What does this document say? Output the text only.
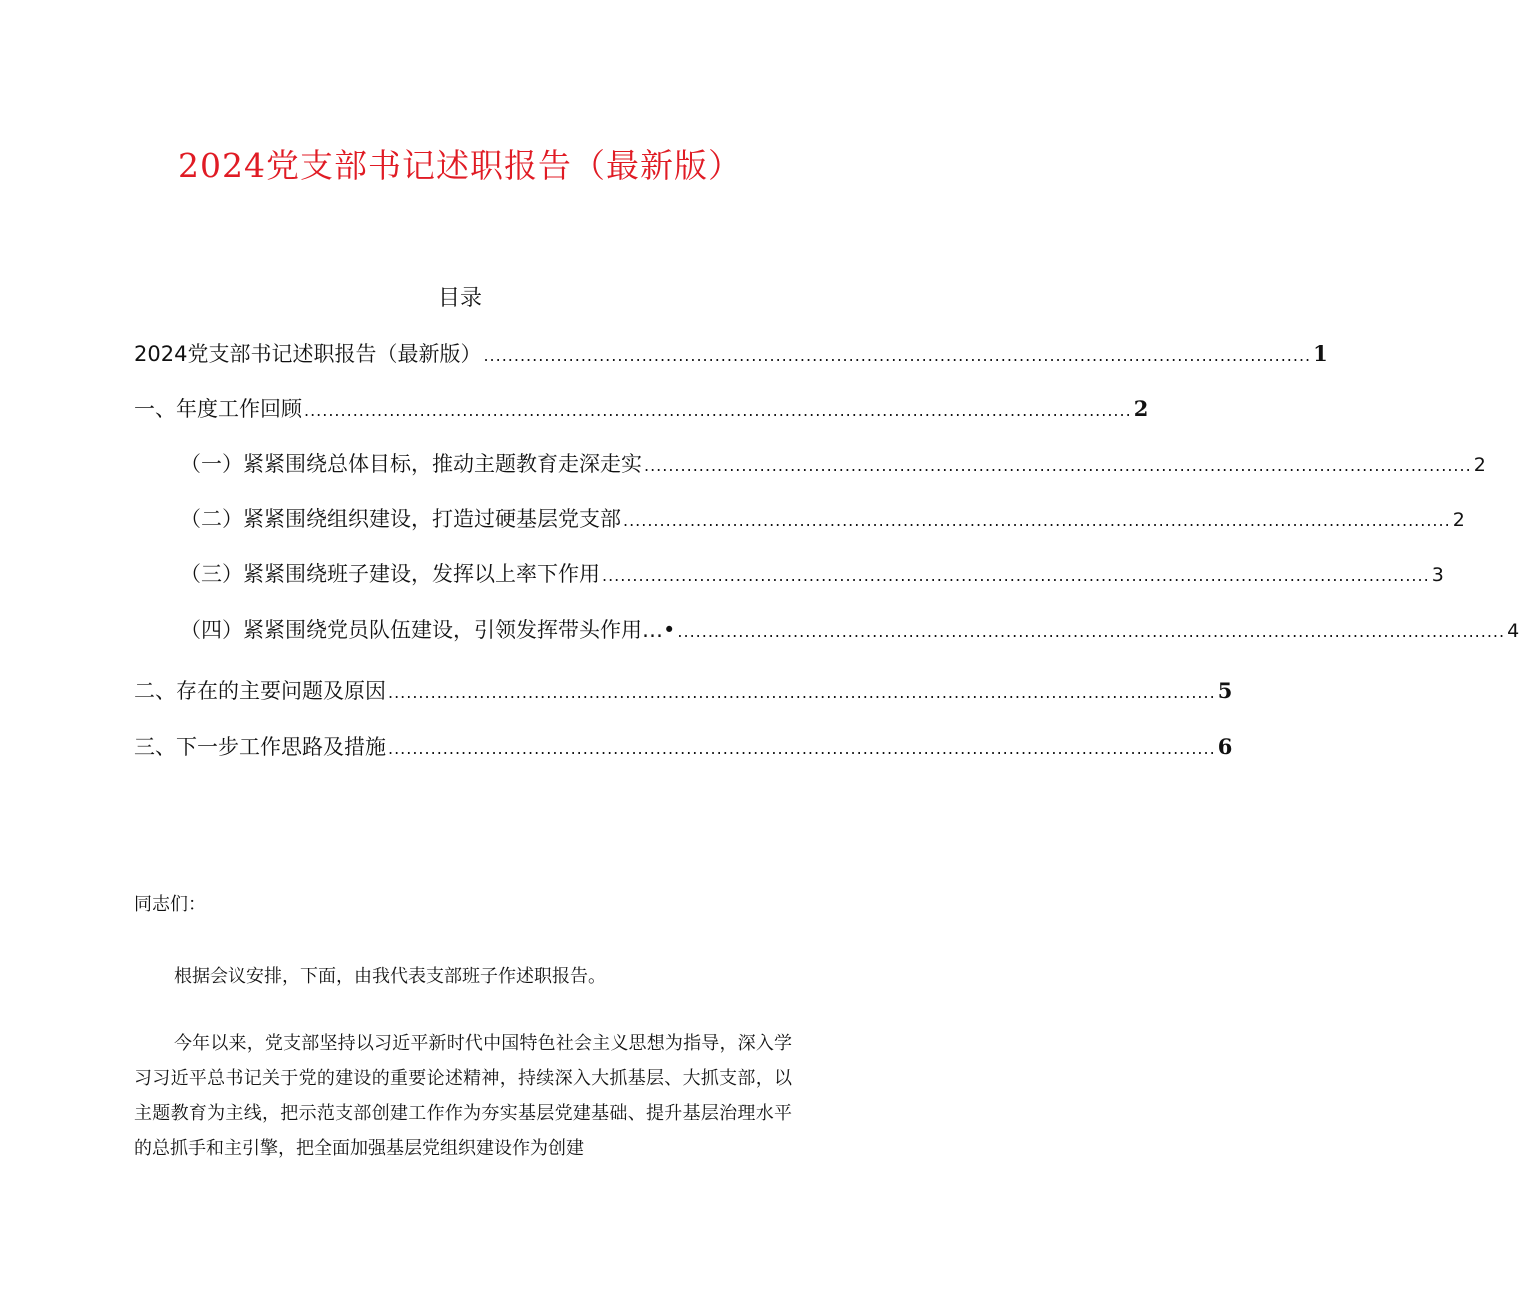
2024党支部书记述职报告（最新版）
目录
2024党支部书记述职报告（最新版） ........................................................................................................................................ 1
一、年度工作回顾 ........................................................................................................................................ 2
（一）紧紧围绕总体目标，推动主题教育走深走实 ........................................................................................................................................ 2
（二）紧紧围绕组织建设，打造过硬基层党支部 ........................................................................................................................................ 2
（三）紧紧围绕班子建设，发挥以上率下作用 ........................................................................................................................................ 3
（四）紧紧围绕党员队伍建设，引领发挥带头作用…• ........................................................................................................................................ 4
二、存在的主要问题及原因 ........................................................................................................................................ 5
三、下一步工作思路及措施 ........................................................................................................................................ 6

同志们：

根据会议安排，下面，由我代表支部班子作述职报告。

今年以来，党支部坚持以习近平新时代中国特色社会主义思想为指导，深入学习习近平总书记关于党的建设的重要论述精神，持续深入大抓基层、大抓支部，以主题教育为主线，把示范支部创建工作作为夯实基层党建基础、提升基层治理水平的总抓手和主引擎，把全面加强基层党组织建设作为创建
